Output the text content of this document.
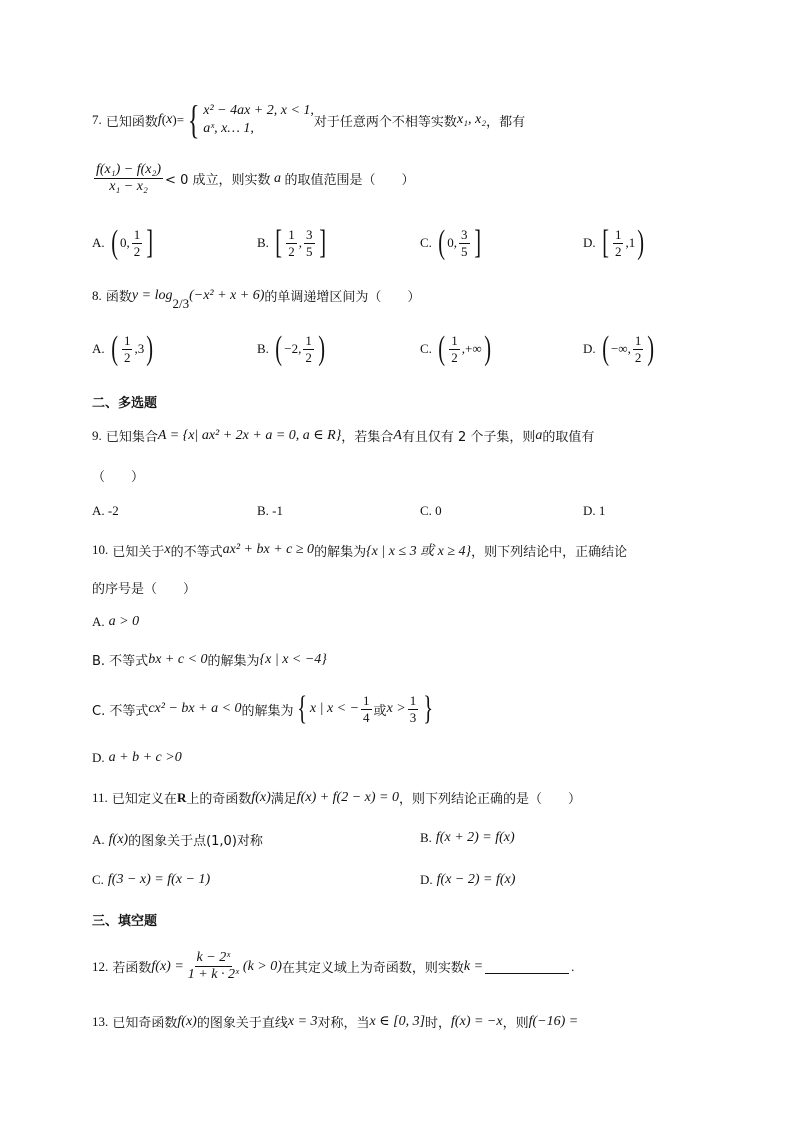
7.
已知函数 f ( x )= { x² − 4ax + 2, x < 1,
aˣ, x… 1,	对于任意两个不相等实数 x₁, x₂ ，都有
$\frac{\text{f(x₁) − f(x₂)}}{\text{x₁ − x₂}} < 0$ 成立，则实数 a 的取值范围是（　　）
A. ( 0, $\frac{1}{2}$ ]	B. [ $\frac{1}{2}$ , $\frac{3}{5}$ ]	C. ( 0, $\frac{3}{5}$ ]	D. [ $\frac{1}{2}$ , 1 )
8.
函数 y = log
$_{2/3}$
(−x² + x + 6) 的单调递增区间为（　　）
A. ( $\frac{1}{2} ,3$ )	B. ( −2, $\frac{1}{2}$ )	C. ( $\frac{1}{2}$ ,+∞ )	D. ( −∞, $\frac{1}{2}$ )
二、多选题
9.
已知集合 A = {x| ax² + 2x + a = 0, a ∈ R} ，若集合 A 有且仅有 2 个子集，则 a 的取值有
（　　）
A. -2	B. -1	C. 0	D. 1
10.
已知关于 x 的不等式 ax² + bx + c ≥ 0 的解集为 {x | x ≤ 3 或 x ≥ 4} ，则下列结论中，正确结论
的序号是（　　）
A. a > 0
B. 不等式 bx + c < 0 的解集为 {x | x < −4}
C. 不等式 cx² − bx + a < 0 的解集为 { x | x < − $\frac{1}{4}$ 或 $x > \frac{1}{3}$ }
D. a + b + c >0
11.
已知定义在 R 上的奇函数 f(x) 满足 f(x) + f(2 − x) = 0 ，则下列结论正确的是（　　）
A. f(x) 的图象关于点(1,0)对称	B. f(x + 2) = f(x)
C. f(3 − x) = f(x − 1)	D. f(x − 2) = f(x)
三、填空题
12.
若函数 $f(x) = \frac{\text{k − 2ˣ}}{\text{1 + k · 2ˣ}} (k > 0)$ 在其定义域上为奇函数，则实数 k =	.
13.
已知奇函数 f(x) 的图象关于直线 x = 3 对称，当 x ∈ [0, 3] 时， f(x) = −x ，则 f(−16) =
